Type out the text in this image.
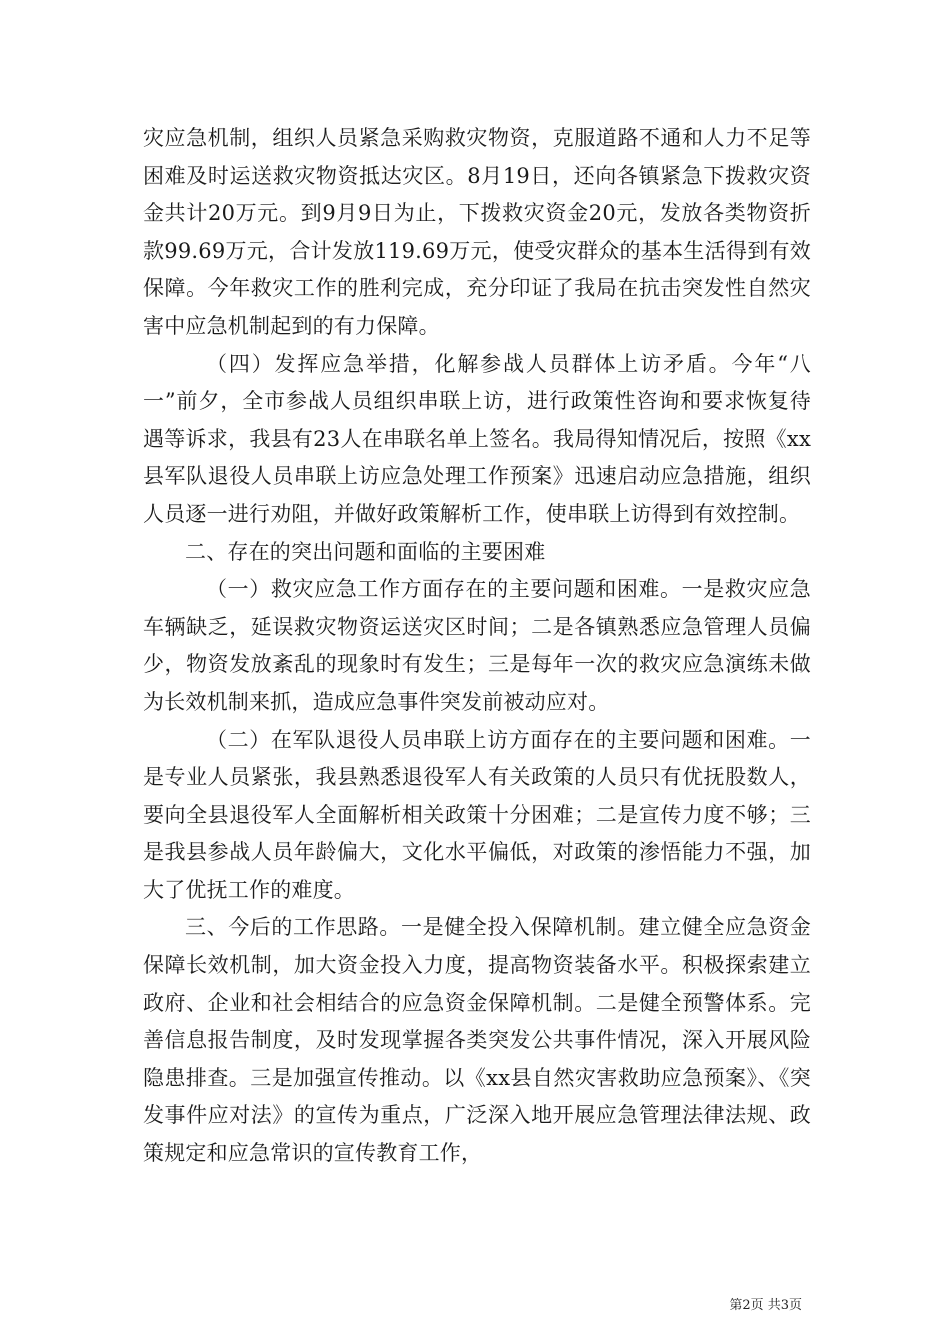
灾应急机制，组织人员紧急采购救灾物资，克服道路不通和人力不足等困难及时运送救灾物资抵达灾区。8月19日，还向各镇紧急下拨救灾资金共计20万元。到9月9日为止，下拨救灾资金20元，发放各类物资折款99.69万元，合计发放119.69万元，使受灾群众的基本生活得到有效保障。今年救灾工作的胜利完成，充分印证了我局在抗击突发性自然灾害中应急机制起到的有力保障。

（四）发挥应急举措，化解参战人员群体上访矛盾。今年“八一”前夕，全市参战人员组织串联上访，进行政策性咨询和要求恢复待遇等诉求，我县有23人在串联名单上签名。我局得知情况后，按照《xx县军队退役人员串联上访应急处理工作预案》迅速启动应急措施，组织人员逐一进行劝阻，并做好政策解析工作，使串联上访得到有效控制。

二、存在的突出问题和面临的主要困难

（一）救灾应急工作方面存在的主要问题和困难。一是救灾应急车辆缺乏，延误救灾物资运送灾区时间；二是各镇熟悉应急管理人员偏少，物资发放紊乱的现象时有发生；三是每年一次的救灾应急演练未做为长效机制来抓，造成应急事件突发前被动应对。

（二）在军队退役人员串联上访方面存在的主要问题和困难。一是专业人员紧张，我县熟悉退役军人有关政策的人员只有优抚股数人，要向全县退役军人全面解析相关政策十分困难；二是宣传力度不够；三是我县参战人员年龄偏大，文化水平偏低，对政策的渗悟能力不强，加大了优抚工作的难度。

三、今后的工作思路。一是健全投入保障机制。建立健全应急资金保障长效机制，加大资金投入力度，提高物资装备水平。积极探索建立政府、企业和社会相结合的应急资金保障机制。二是健全预警体系。完善信息报告制度，及时发现掌握各类突发公共事件情况，深入开展风险隐患排查。三是加强宣传推动。以《xx县自然灾害救助应急预案》、《突发事件应对法》的宣传为重点，广泛深入地开展应急管理法律法规、政策规定和应急常识的宣传教育工作，

第2页 共3页
